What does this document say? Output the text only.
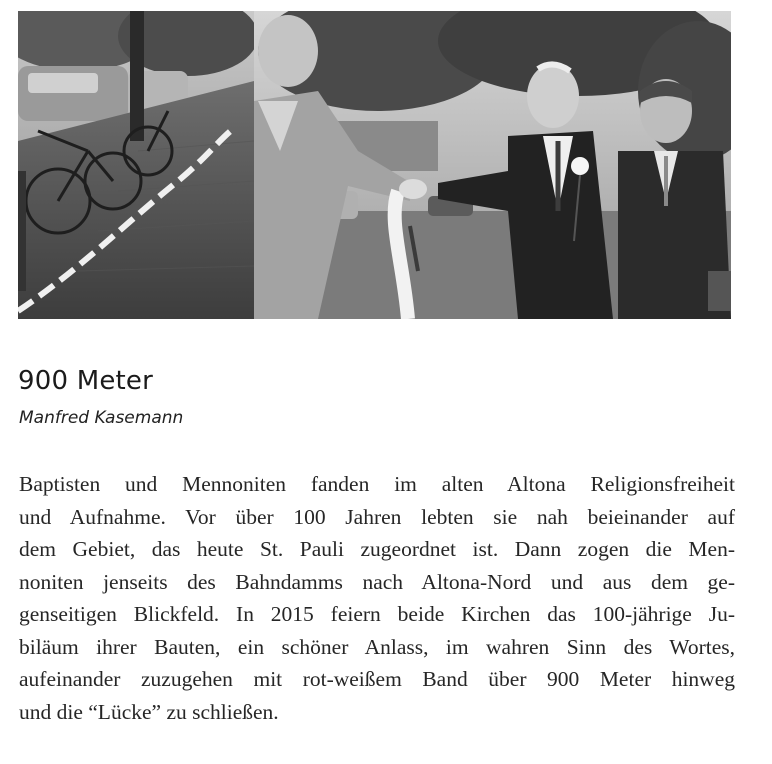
900 Meter

Manfred Kasemann

Baptisten und Mennoniten fanden im alten Altona Religionsfreiheit
und Aufnahme. Vor über 100 Jahren lebten sie nah beieinander auf
dem Gebiet, das heute St. Pauli zugeordnet ist. Dann zogen die Men-
noniten jenseits des Bahndamms nach Altona-Nord und aus dem ge-
genseitigen Blickfeld. In 2015 feiern beide Kirchen das 100-jährige Ju-
biläum ihrer Bauten, ein schöner Anlass, im wahren Sinn des Wortes,
aufeinander zuzugehen mit rot-weißem Band über 900 Meter hinweg
und die “Lücke” zu schließen.
